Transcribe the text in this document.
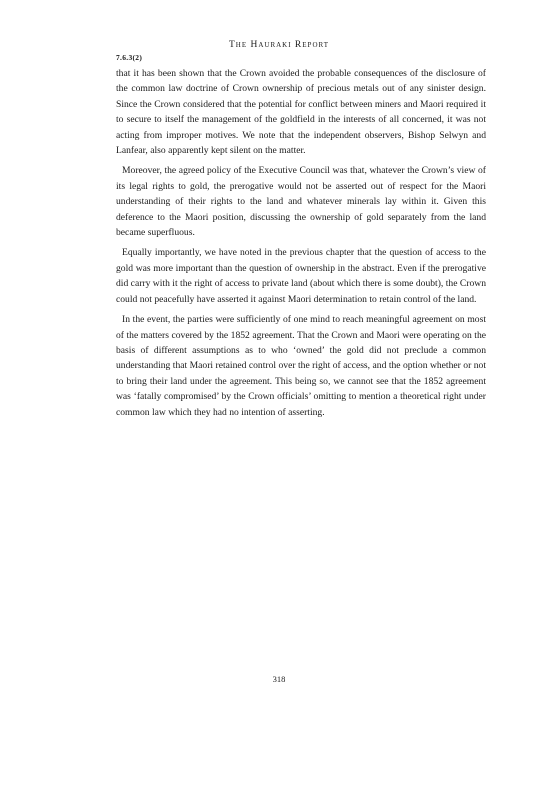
The Hauraki Report
7.6.3(2)

that it has been shown that the Crown avoided the probable consequences of the disclosure of the common law doctrine of Crown ownership of precious metals out of any sinister design. Since the Crown considered that the potential for conflict between miners and Maori required it to secure to itself the management of the goldfield in the interests of all concerned, it was not acting from improper motives. We note that the independent observers, Bishop Selwyn and Lanfear, also apparently kept silent on the matter.

Moreover, the agreed policy of the Executive Council was that, whatever the Crown’s view of its legal rights to gold, the prerogative would not be asserted out of respect for the Maori understanding of their rights to the land and whatever minerals lay within it. Given this deference to the Maori position, discussing the ownership of gold separately from the land became superfluous.

Equally importantly, we have noted in the previous chapter that the question of access to the gold was more important than the question of ownership in the abstract. Even if the prerogative did carry with it the right of access to private land (about which there is some doubt), the Crown could not peacefully have asserted it against Maori determination to retain control of the land.

In the event, the parties were sufficiently of one mind to reach meaningful agreement on most of the matters covered by the 1852 agreement. That the Crown and Maori were operating on the basis of different assumptions as to who ‘owned’ the gold did not preclude a common understanding that Maori retained control over the right of access, and the option whether or not to bring their land under the agreement. This being so, we cannot see that the 1852 agreement was ‘fatally compromised’ by the Crown officials’ omitting to mention a theoretical right under common law which they had no intention of asserting.

318
